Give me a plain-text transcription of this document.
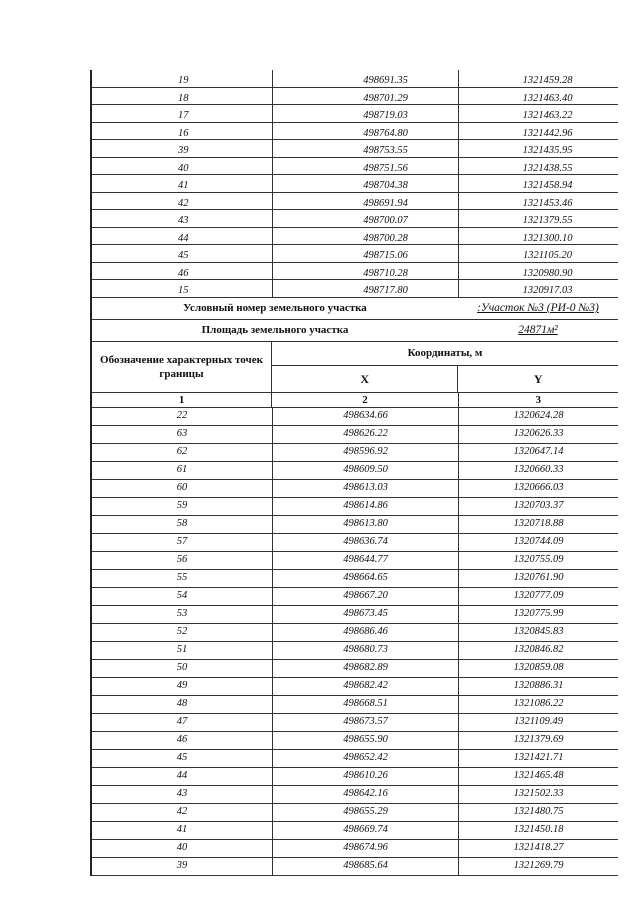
19	498691.35	1321459.28
18	498701.29	1321463.40
17	498719.03	1321463.22
16	498764.80	1321442.96
39	498753.55	1321435.95
40	498751.56	1321438.55
41	498704.38	1321458.94
42	498691.94	1321453.46
43	498700.07	1321379.55
44	498700.28	1321300.10
45	498715.06	1321105.20
46	498710.28	1320980.90
15	498717.80	1320917.03
Условный номер земельного участка	:Участок №3 (РИ-0 №3)
Площадь земельного участка	24871м²
Обозначение характерных точек границы
Координаты, м
X	Y
1	2	3
22	498634.66	1320624.28
63	498626.22	1320626.33
62	498596.92	1320647.14
61	498609.50	1320660.33
60	498613.03	1320666.03
59	498614.86	1320703.37
58	498613.80	1320718.88
57	498636.74	1320744.09
56	498644.77	1320755.09
55	498664.65	1320761.90
54	498667.20	1320777.09
53	498673.45	1320775.99
52	498686.46	1320845.83
51	498680.73	1320846.82
50	498682.89	1320859.08
49	498682.42	1320886.31
48	498668.51	1321086.22
47	498673.57	1321109.49
46	498655.90	1321379.69
45	498652.42	1321421.71
44	498610.26	1321465.48
43	498642.16	1321502.33
42	498655.29	1321480.75
41	498669.74	1321450.18
40	498674.96	1321418.27
39	498685.64	1321269.79
